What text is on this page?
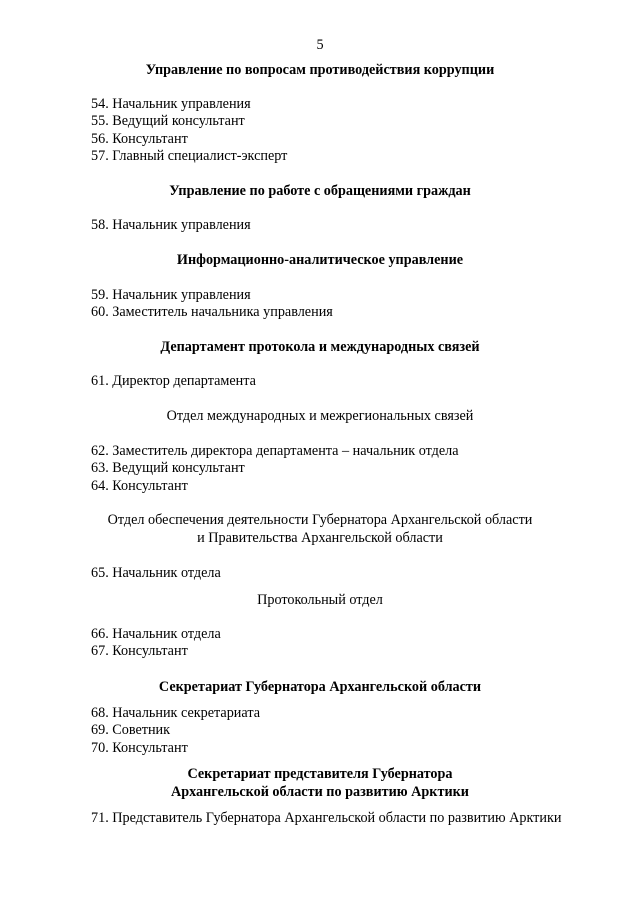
5
Управление по вопросам противодействия коррупции
54. Начальник управления
55. Ведущий консультант
56. Консультант
57. Главный специалист-эксперт
Управление по работе с обращениями граждан
58. Начальник управления
Информационно-аналитическое управление
59. Начальник управления
60. Заместитель начальника управления
Департамент протокола и международных связей
61. Директор департамента
Отдел международных и межрегиональных связей
62. Заместитель директора департамента – начальник отдела
63. Ведущий консультант
64. Консультант
Отдел обеспечения деятельности Губернатора Архангельской области
и Правительства Архангельской области
65. Начальник отдела
Протокольный отдел
66. Начальник отдела
67. Консультант
Секретариат Губернатора Архангельской области
68. Начальник секретариата
69. Советник
70. Консультант
Секретариат представителя Губернатора
Архангельской области по развитию Арктики
71. Представитель Губернатора Архангельской области по развитию Арктики
